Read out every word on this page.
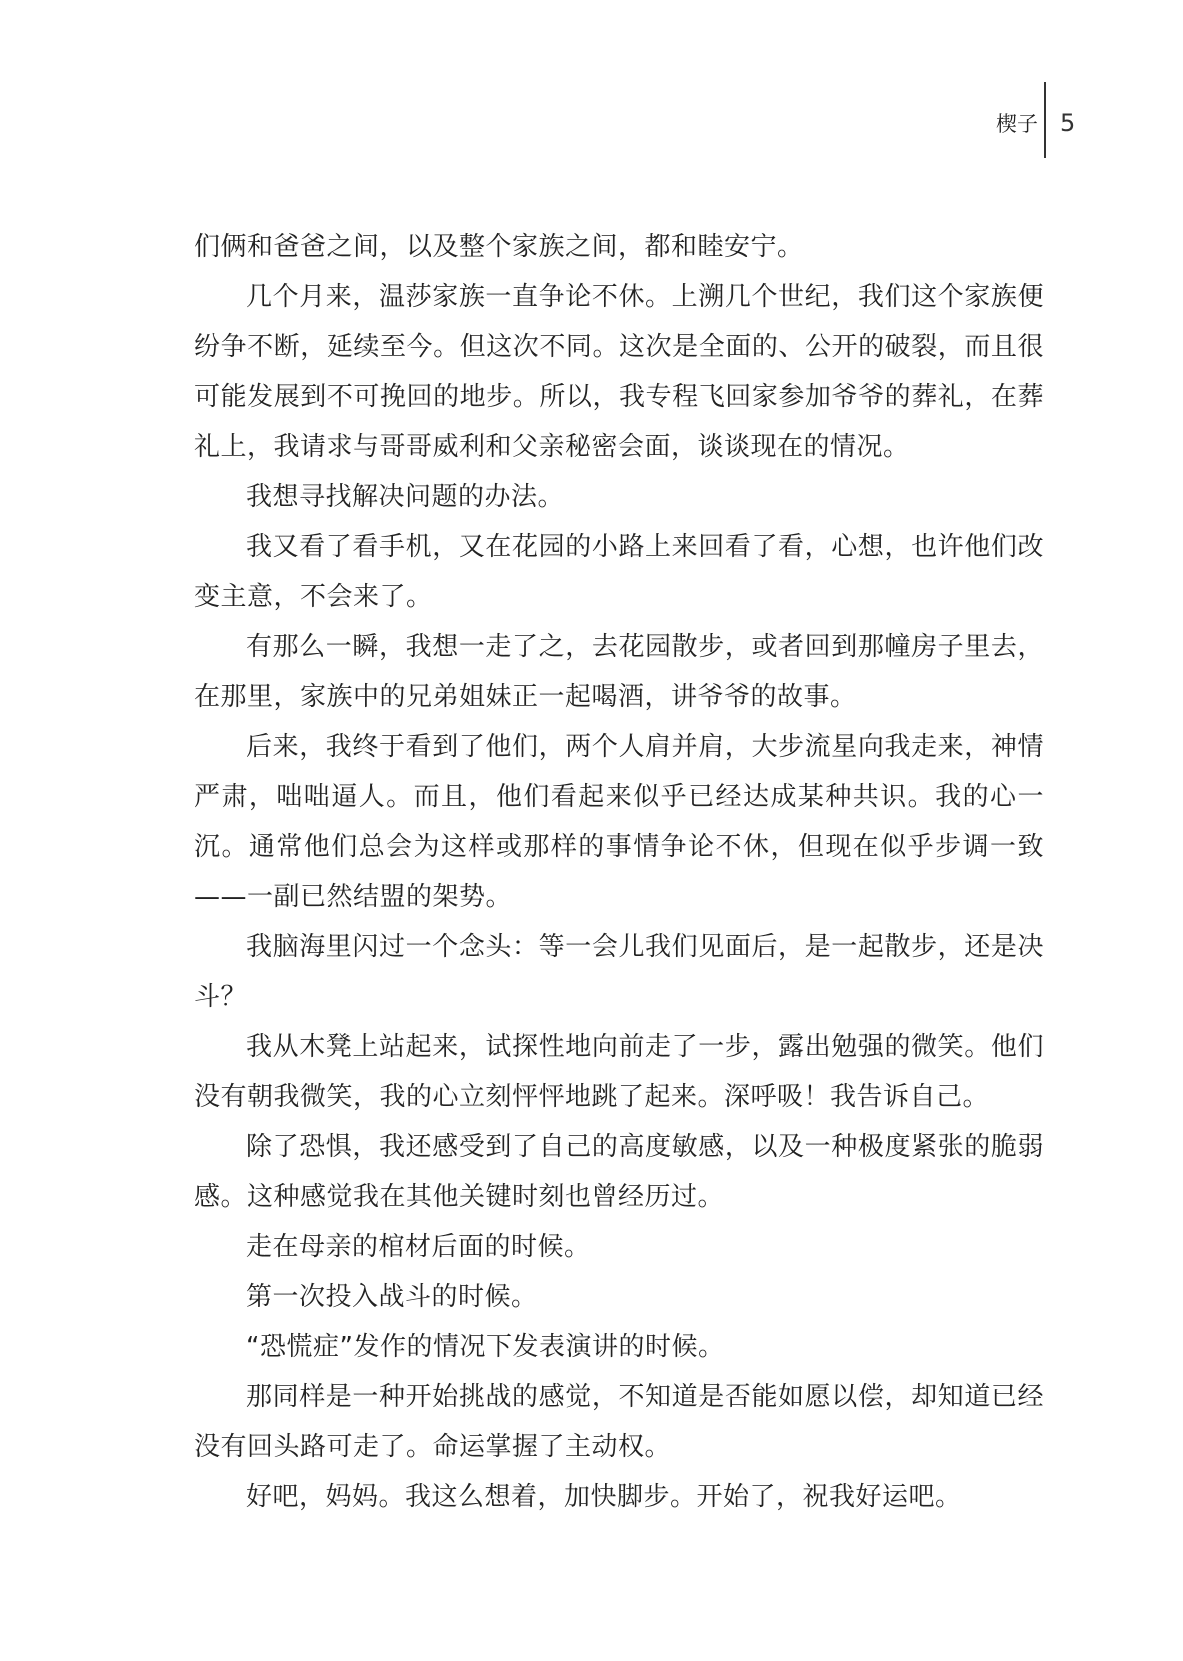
楔子 5

们俩和爸爸之间，以及整个家族之间，都和睦安宁。

几个月来，温莎家族一直争论不休。上溯几个世纪，我们这个家族便纷争不断，延续至今。但这次不同。这次是全面的、公开的破裂，而且很可能发展到不可挽回的地步。所以，我专程飞回家参加爷爷的葬礼，在葬礼上，我请求与哥哥威利和父亲秘密会面，谈谈现在的情况。

我想寻找解决问题的办法。

我又看了看手机，又在花园的小路上来回看了看，心想，也许他们改变主意，不会来了。

有那么一瞬，我想一走了之，去花园散步，或者回到那幢房子里去，在那里，家族中的兄弟姐妹正一起喝酒，讲爷爷的故事。

后来，我终于看到了他们，两个人肩并肩，大步流星向我走来，神情严肃，咄咄逼人。而且，他们看起来似乎已经达成某种共识。我的心一沉。通常他们总会为这样或那样的事情争论不休，但现在似乎步调一致——一副已然结盟的架势。

我脑海里闪过一个念头：等一会儿我们见面后，是一起散步，还是决斗？

我从木凳上站起来，试探性地向前走了一步，露出勉强的微笑。他们没有朝我微笑，我的心立刻怦怦地跳了起来。深呼吸！我告诉自己。

除了恐惧，我还感受到了自己的高度敏感，以及一种极度紧张的脆弱感。这种感觉我在其他关键时刻也曾经历过。

走在母亲的棺材后面的时候。

第一次投入战斗的时候。

“恐慌症”发作的情况下发表演讲的时候。

那同样是一种开始挑战的感觉，不知道是否能如愿以偿，却知道已经没有回头路可走了。命运掌握了主动权。

好吧，妈妈。我这么想着，加快脚步。开始了，祝我好运吧。
